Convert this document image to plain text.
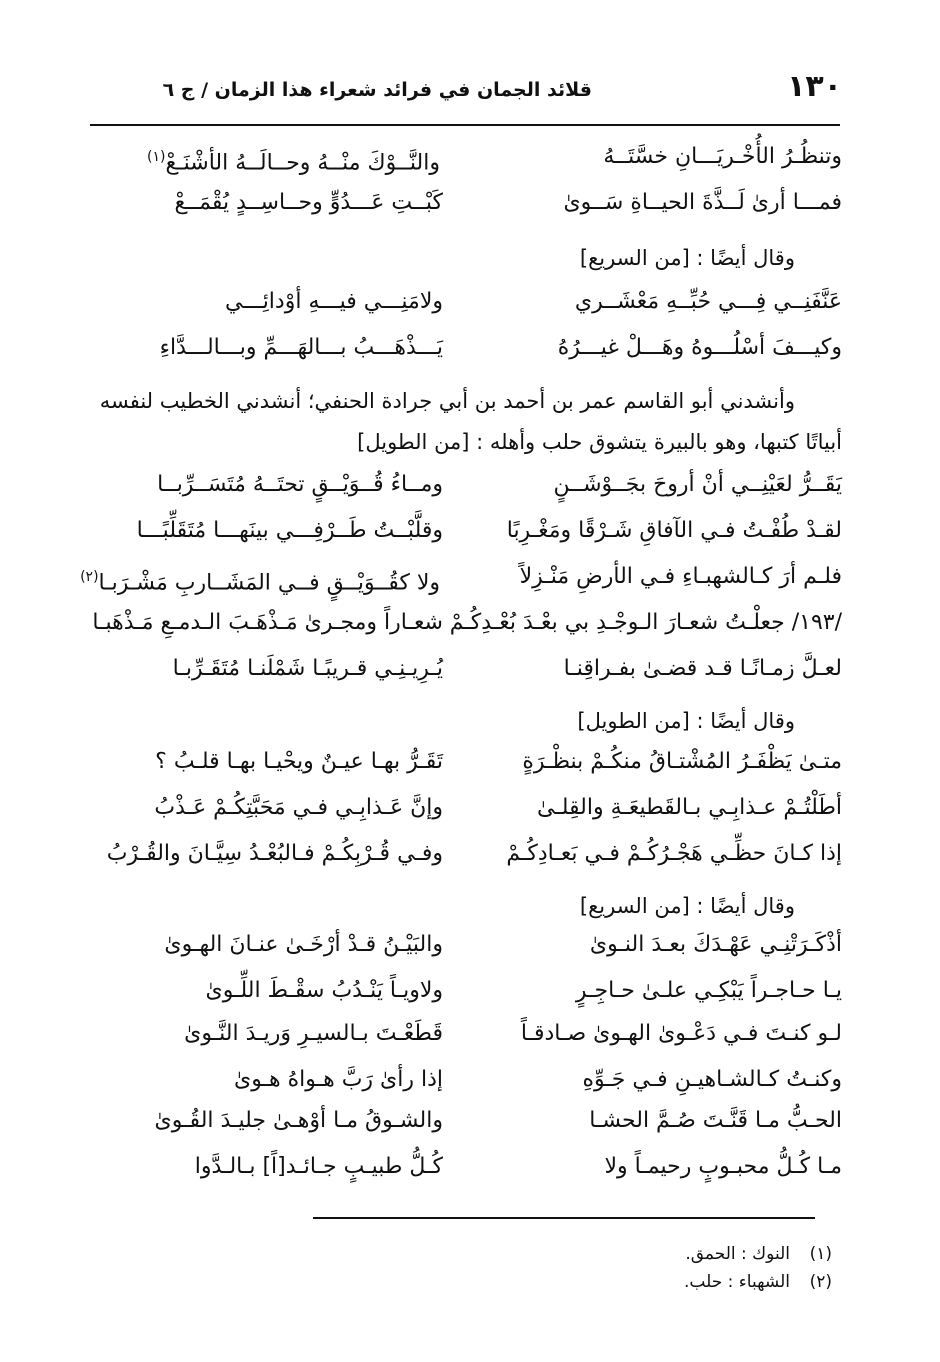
١٣٠
قلائد الجمان في فرائد شعراء هذا الزمان / ج ٦
وتنظُـرُ الأُخْـريَـــانِ خسَّتَــهُ
والنَّــوْكَ منْــهُ وحــالَــهُ الأشْنَـعْ$^{(١)}$
فمـــا أرىٰ لَــذَّةَ الحيــاةِ سَــوىٰ
كَبْــتِ عَـــدُوٍّ وحــاسِــدٍ يُقْمَــعْ
وقال أيضًا : [من السريع]
عَنَّفَنِــي فِـــي حُبِّــهِ مَعْشَــري
ولامَنِـــي فيـــهِ أوْدائِـــي
وكيـــفَ أسْلُـــوهُ وهَـــلْ غيـــرُهُ
يَـــذْهَـــبُ بـــالهَـــمِّ وبـــالـــدَّاءِ

وأنشدني أبو القاسم عمر بن أحمد بن أبي جرادة الحنفي؛ أنشدني الخطيب لنفسه

أبياتًا كتبها، وهو بالبيرة يتشوق حلب وأهله : [من الطويل]

يَقَــرُّ لعَيْنِــي أنْ أروحَ بجَــوْشَــنٍ
ومــاءُ قُــوَيْــقٍ تحتَــهُ مُتَسَــرِّبــا
لقـدْ طُفْـتُ فـي الآفاقِ شَـرْقًا ومَغْـرِبًا
وقلَّبْــتُ طَــرْفِـــي بينَهـــا مُتَقَلِّبًـــا
فلـم أرَ كـالشهبـاءِ فـي الأرضِ مَنْـزِلاً
ولا كقُــوَيْــقٍ فــي المَشَــاربِ مَشْـرَبـا$^{(٢)}$
/١٩٣/ جعلْـتُ شعـارَ الـوجْـدِ بي بعْـدَ بُعْـدِكُـمْ
شعـاراً ومجـرىٰ مَـذْهَـبَ الـدمـعِ مَـذْهَبـا
لعـلَّ زمـانًـا قـد قضـىٰ بفـراقِنـا
يُـرِيـنِـي قـريبًـا شَمْلَنـا مُتَقَـرِّبـا
وقال أيضًا : [من الطويل]
متـىٰ يَظْفَـرُ المُشْتـاقُ منكُـمْ بنظْـرَةٍ
تَقَـرُّ بهـا عيـنٌ ويحْيـا بهـا قلـبُ ؟
أطَلْتُـمْ عـذابِـي بـالقَطيعَـةِ والقِلـىٰ
وإنَّ عَـذابِـي فـي مَحَبَّتِكُـمْ عَـذْبُ
إذا كـانَ حظِّـي هَجْـرُكُـمْ فـي بَعـادِكُـمْ
وفـي قُـرْبِكُـمْ فـالبُعْـدُ سِيَّـانَ والقُـرْبُ
وقال أيضًا : [من السريع]
أذْكَـرَتْنِـي عَهْـدَكَ بعـدَ النـوىٰ
والبَيْـنُ قـدْ أرْخَـىٰ عنـانَ الهـوىٰ
يـا حـاجـراً يَبْكِـي علـىٰ حـاجِـرٍ
ولاويـاً يَنْـدُبُ سقْـطَ اللِّـوىٰ
لـو كنـتَ فـي دَعْـوىٰ الهـوىٰ صـادقـاً
قَطَعْـتَ بـالسيـرِ وَريـدَ النَّـوىٰ
وكنـتُ كـالشـاهيـنِ فـي جَـوِّهِ
إذا رأىٰ رَبَّ هـواهُ هـوىٰ
الحـبُّ مـا قَنَّـتَ صُـمَّ الحشـا
والشـوقُ مـا أوْهـىٰ جليـدَ القُـوىٰ
مـا كُـلُّ محبـوبٍ رحيمـاً ولا
كُـلُّ طبيـبٍ جـائـد[اً] بـالـدَّوا
(١)النوك : الحمق.
(٢)الشهباء : حلب.
